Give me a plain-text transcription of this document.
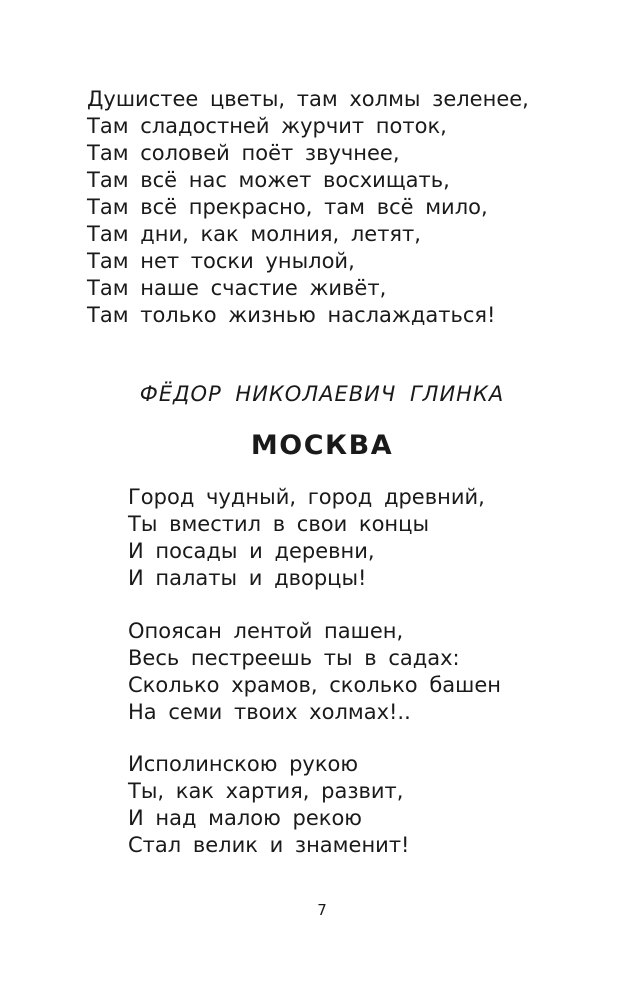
Душистее цветы, там холмы зеленее,
Там сладостней журчит поток,
Там соловей поёт звучнее,
Там всё нас может восхищать,
Там всё прекрасно, там всё мило,
Там дни, как молния, летят,
Там нет тоски унылой,
Там наше счастие живёт,
Там только жизнью наслаждаться!
ФЁДОР НИКОЛАЕВИЧ ГЛИНКА
МОСКВА
Город чудный, город древний,
Ты вместил в свои концы
И посады и деревни,
И палаты и дворцы!
Опоясан лентой пашен,
Весь пестреешь ты в садах:
Сколько храмов, сколько башен
На семи твоих холмах!..
Исполинскою рукою
Ты, как хартия, развит,
И над малою рекою
Стал велик и знаменит!
7
